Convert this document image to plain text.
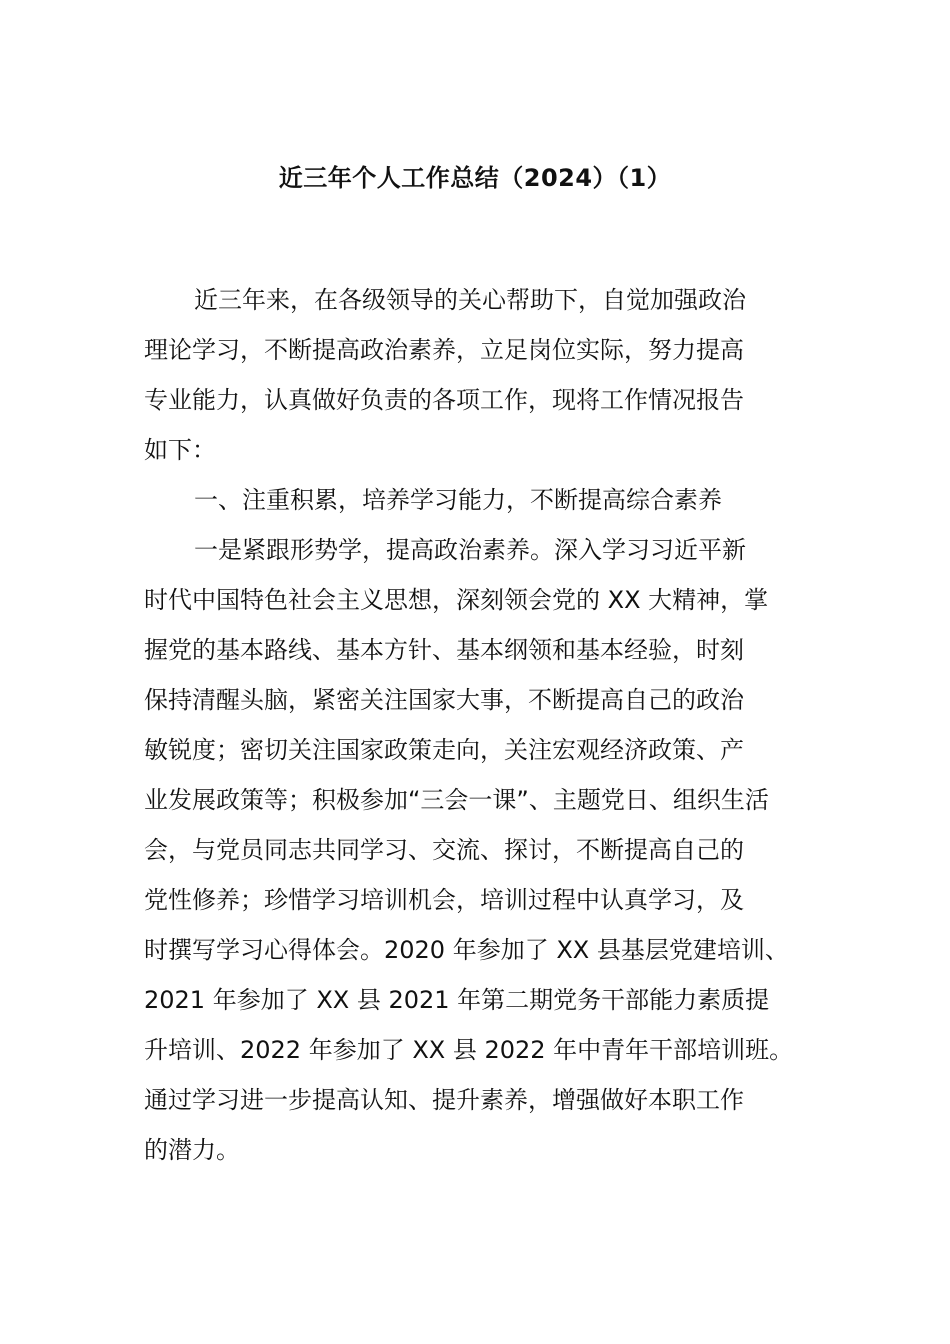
近三年个人工作总结（2024）（1）
近三年来，在各级领导的关心帮助下，自觉加强政治
理论学习，不断提高政治素养，立足岗位实际，努力提高
专业能力，认真做好负责的各项工作，现将工作情况报告
如下：
一、注重积累，培养学习能力，不断提高综合素养
一是紧跟形势学，提高政治素养。深入学习习近平新
时代中国特色社会主义思想，深刻领会党的 XX 大精神，掌
握党的基本路线、基本方针、基本纲领和基本经验，时刻
保持清醒头脑，紧密关注国家大事，不断提高自己的政治
敏锐度；密切关注国家政策走向，关注宏观经济政策、产
业发展政策等；积极参加“三会一课”、主题党日、组织生活
会，与党员同志共同学习、交流、探讨，不断提高自己的
党性修养；珍惜学习培训机会，培训过程中认真学习，及
时撰写学习心得体会。2020 年参加了 XX 县基层党建培训、
2021 年参加了 XX 县 2021 年第二期党务干部能力素质提
升培训、2022 年参加了 XX 县 2022 年中青年干部培训班。
通过学习进一步提高认知、提升素养，增强做好本职工作
的潜力。
